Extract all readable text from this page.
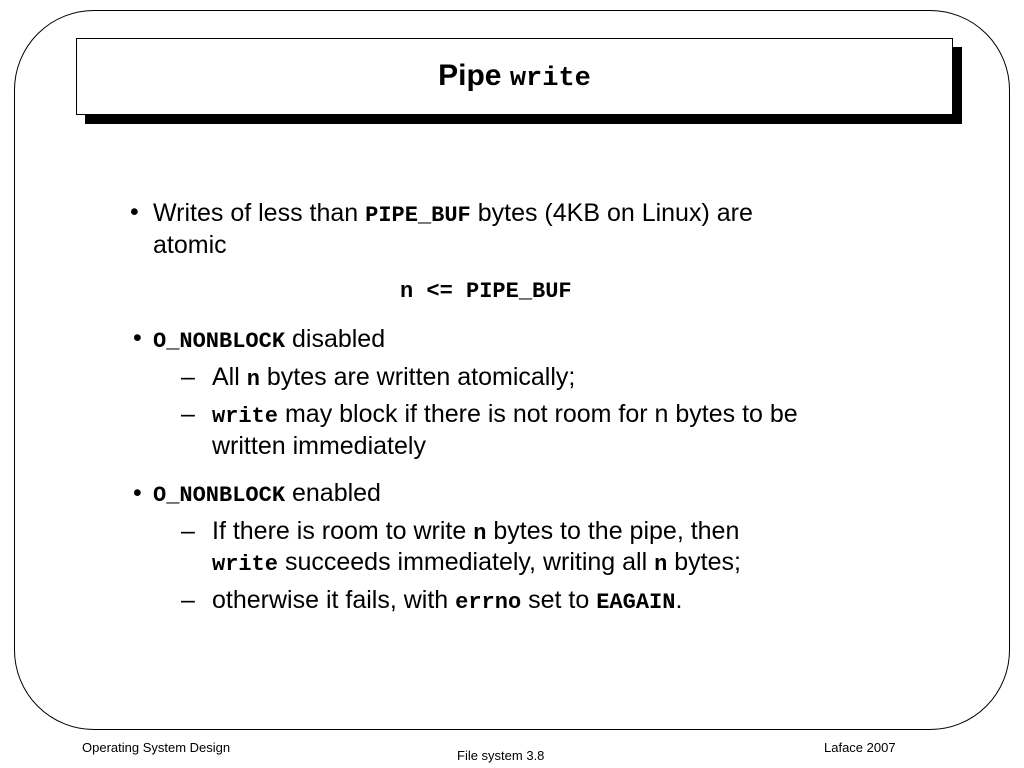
Pipe write
• Writes of less than PIPE_BUF bytes (4KB on Linux) are
atomic
n <= PIPE_BUF
• O_NONBLOCK disabled
– All n bytes are written atomically;
– write may block if there is not room for n bytes to be
written immediately
• O_NONBLOCK enabled
– If there is room to write n bytes to the pipe, then
write succeeds immediately, writing all n bytes;
– otherwise it fails, with errno set to EAGAIN.
Operating System Design
File system 3.8
Laface 2007
